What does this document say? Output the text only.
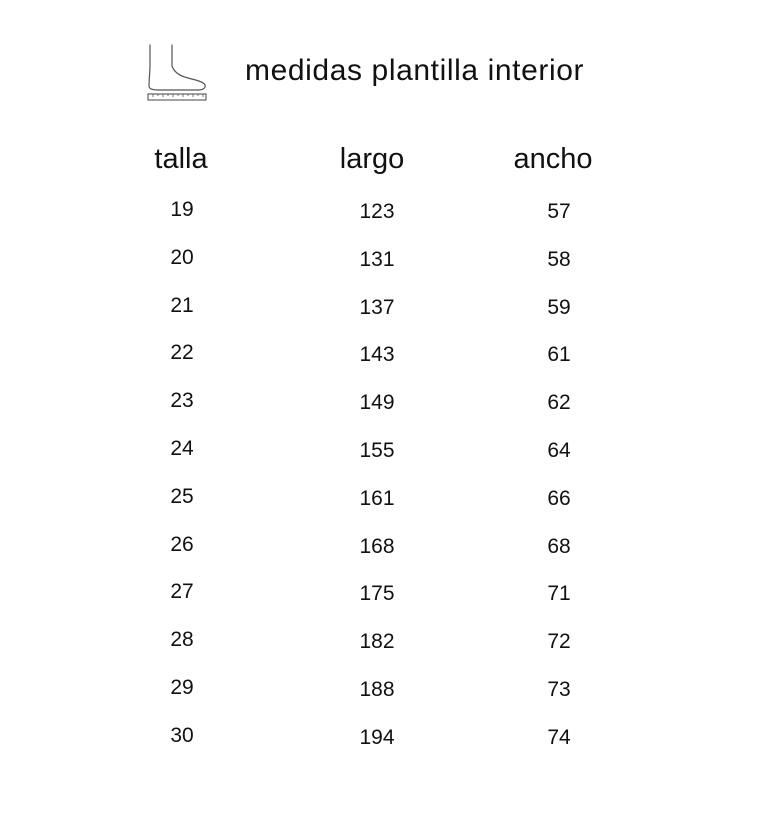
medidas plantilla interior
talla	largo	ancho
19	123	57
20	131	58
21	137	59
22	143	61
23	149	62
24	155	64
25	161	66
26	168	68
27	175	71
28	182	72
29	188	73
30	194	74
